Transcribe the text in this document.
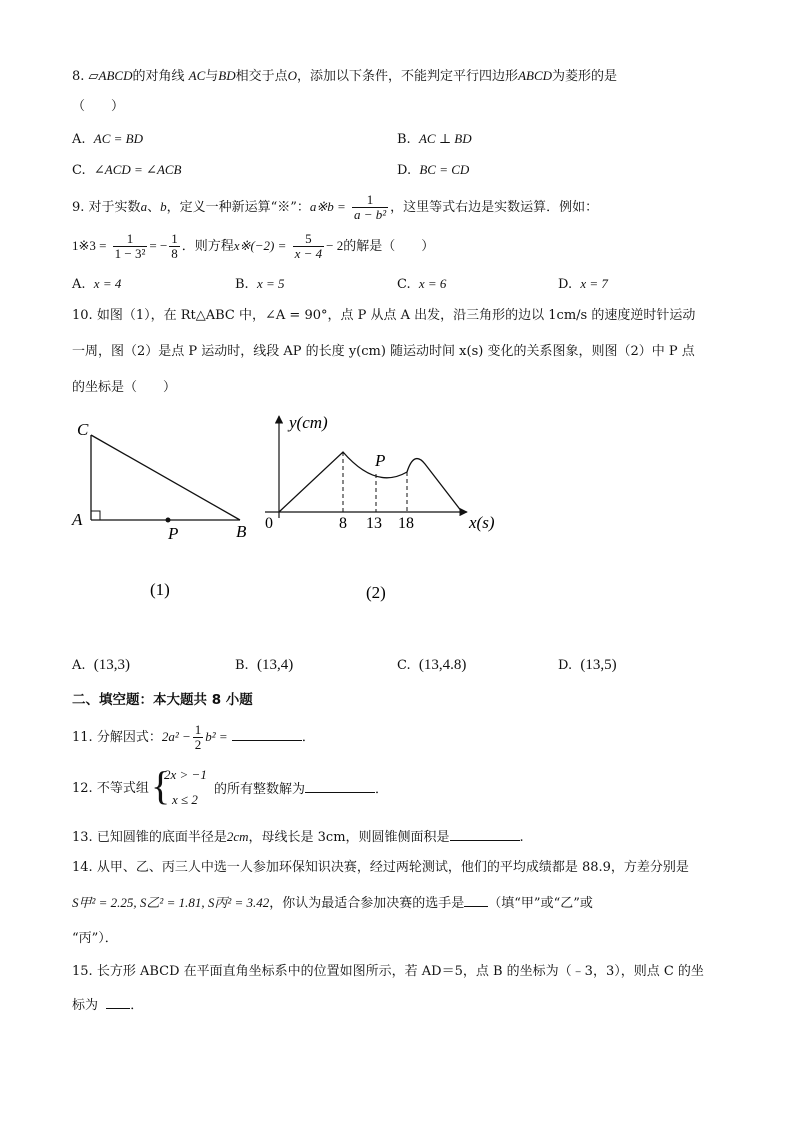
8. ▱ABCD的对角线 AC与BD相交于点O，添加以下条件，不能判定平行四边形ABCD为菱形的是
（　　）
A. AC = BD	B. AC ⊥ BD
C. ∠ACD = ∠ACB	D. BC = CD
9. 对于实数a、b，定义一种新运算“※”：a※b = $\frac{1}{\text{a − b²}}$ ，这里等式右边是实数运算．例如：
1※3 = $\frac{1}{\text{1 − 3²}}$ = − $\frac{1}{8}$ ．则方程x※(−2) = $\frac{5}{x - 4} - 2$的解是（　　）
A. x = 4	B. x = 5	C. x = 6	D. x = 7
10. 如图（1），在 Rt△ABC 中，∠A = 90°，点 P 从点 A 出发，沿三角形的边以 1cm/s 的速度逆时针运动
一周，图（2）是点 P 运动时，线段 AP 的长度 y(cm) 随运动时间 x(s) 变化的关系图象，则图（2）中 P 点
的坐标是（　　）
C
A
P	B
(1)
y(cm)
x(s)
0	8 13 18
P
(2)
A. (13,3)	B. (13,4)	C. (13,4.8)	D. (13,5)
二、填空题：本大题共 8 小题
11. 分解因式：$2a^2 - \frac{1}{2} b^2$ =	．
12. 不等式组 {
2x > −1
x ≤ 2
的所有整数解为	．
13. 已知圆锥的底面半径是2cm，母线长是 3cm，则圆锥侧面积是	.
14. 从甲、乙、丙三人中选一人参加环保知识决赛，经过两轮测试，他们的平均成绩都是 88.9，方差分别是
S甲² = 2.25, S乙² = 1.81, S丙² = 3.42，你认为最适合参加决赛的选手是 （填“甲”或“乙”或
“丙”）．
15. 长方形 ABCD 在平面直角坐标系中的位置如图所示，若 AD＝5，点 B 的坐标为（﹣3，3），则点 C 的坐
标为 ．
